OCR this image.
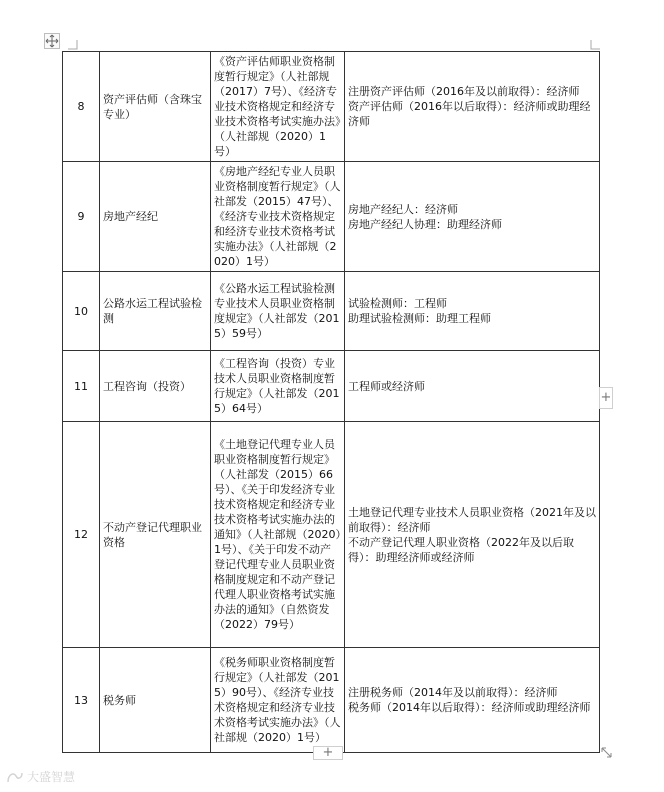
8	资产评估师（含珠宝专业）	《资产评估师职业资格制度暂行规定》（人社部规（2017）7号）、《经济专业技术资格规定和经济专业技术资格考试实施办法》（人社部规（2020）1号）	注册资产评估师（2016年及以前取得）：经济师

资产评估师（2016年以后取得）：经济师或助理经济师

9	房地产经纪	《房地产经纪专业人员职业资格制度暂行规定》（人社部发（2015）47号）、《经济专业技术资格规定和经济专业技术资格考试实施办法》（人社部规（2020）1号）	房地产经纪人：经济师

房地产经纪人协理：助理经济师

10	公路水运工程试验检测	《公路水运工程试验检测专业技术人员职业资格制度规定》（人社部发（2015）59号）	试验检测师：工程师

助理试验检测师：助理工程师

11	工程咨询（投资）	《工程咨询（投资）专业技术人员职业资格制度暂行规定》（人社部发（2015）64号）	工程师或经济师

12	不动产登记代理职业资格	《土地登记代理专业人员职业资格制度暂行规定》（人社部发（2015）66号）、《关于印发经济专业技术资格规定和经济专业技术资格考试实施办法的通知》（人社部规（2020）1号）、《关于印发不动产登记代理专业人员职业资格制度规定和不动产登记代理人职业资格考试实施办法的通知》（自然资发（2022）79号）	土地登记代理专业技术人员职业资格（2021年及以前取得）：经济师

不动产登记代理人职业资格（2022年及以后取得）：助理经济师或经济师

13	税务师	《税务师职业资格制度暂行规定》（人社部发（2015）90号）、《经济专业技术资格规定和经济专业技术资格考试实施办法》（人社部规（2020）1号）	注册税务师（2014年及以前取得）：经济师

税务师（2014年以后取得）：经济师或助理经济师

+
+
大盛智慧
